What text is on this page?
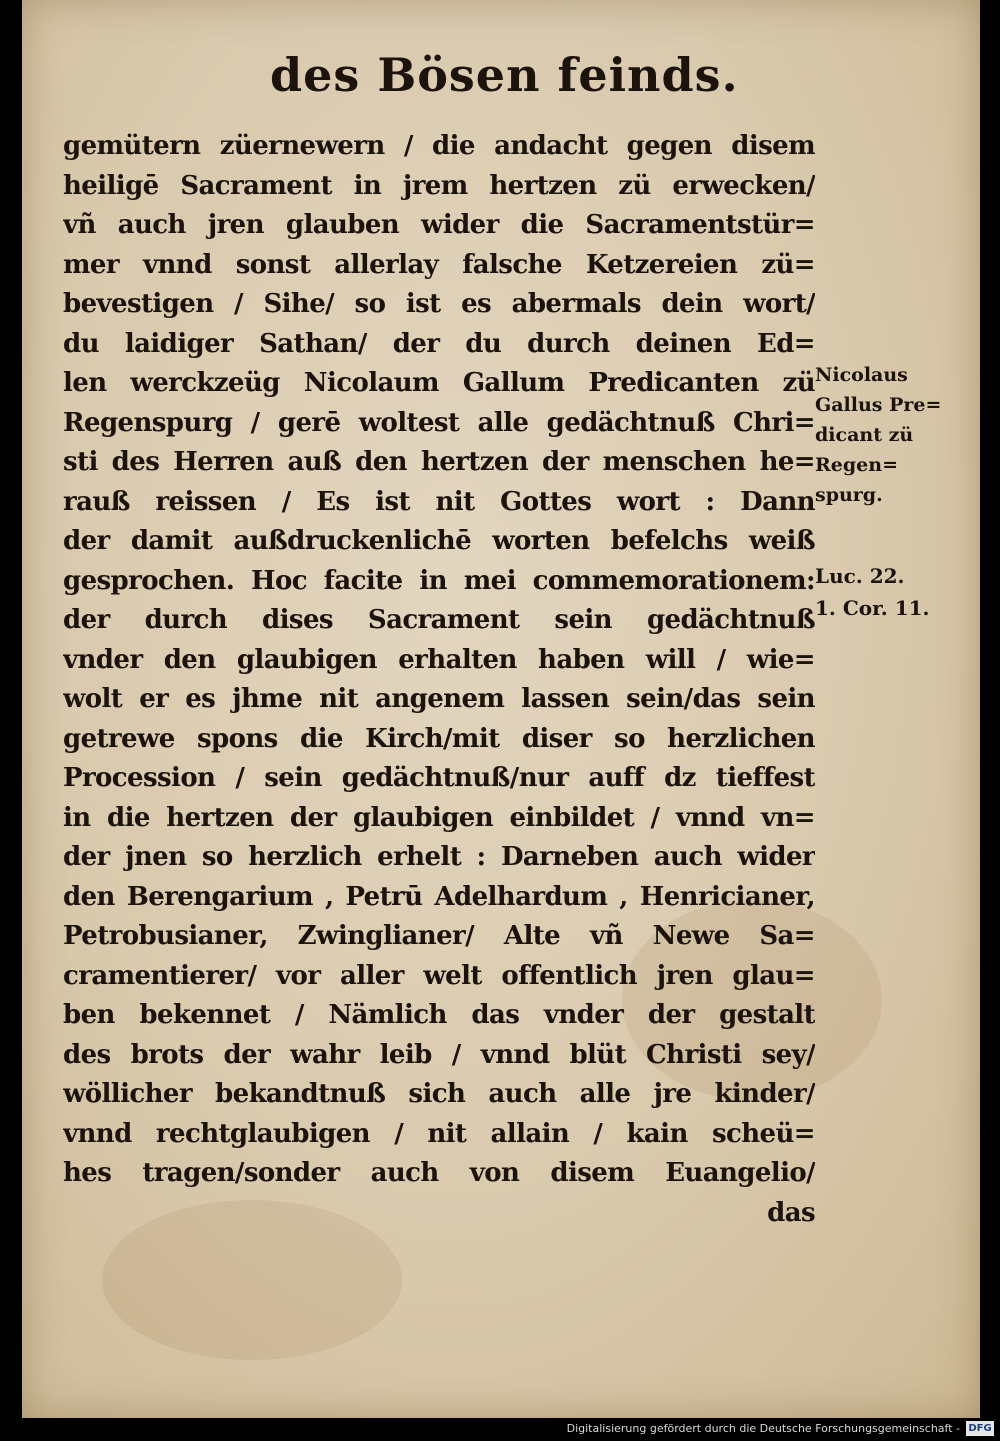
des Bösen feinds.
gemütern züernewern / die andacht gegen disem
heiligē Sacrament in jrem hertzen zü erwecken/
vñ auch jren glauben wider die Sacramentstür=
mer vnnd sonst allerlay falsche Ketzereien zü=
bevestigen / Sihe/ so ist es abermals dein wort/
du laidiger Sathan/ der du durch deinen Ed=
len werckzeüg Nicolaum Gallum Predicanten zü
Regenspurg / gerē woltest alle gedächtnuß Chri=
sti des Herren auß den hertzen der menschen he=
rauß reissen / Es ist nit Gottes wort : Dann
der damit außdruckenlichē worten befelchs weiß
gesprochen. Hoc facite in mei commemorationem:
der durch dises Sacrament sein gedächtnuß
vnder den glaubigen erhalten haben will / wie=
wolt er es jhme nit angenem lassen sein/das sein
getrewe spons die Kirch/mit diser so herzlichen
Procession / sein gedächtnuß/nur auff dz tieffest
in die hertzen der glaubigen einbildet / vnnd vn=
der jnen so herzlich erhelt : Darneben auch wider
den Berengarium , Petrū Adelhardum , Henricianer,
Petrobusianer, Zwinglianer/ Alte vñ Newe Sa=
cramentierer/ vor aller welt offentlich jren glau=
ben bekennet / Nämlich das vnder der gestalt
des brots der wahr leib / vnnd blüt Christi sey/
wöllicher bekandtnuß sich auch alle jre kinder/
vnnd rechtglaubigen / nit allain / kain scheü=
hes tragen/sonder auch von disem Euangelio/
das
Nicolaus
Gallus Pre=
dicant zü
Regen=
spurg.
Luc. 22.
1. Cor. 11.
Digitalisierung gefördert durch die Deutsche Forschungsgemeinschaft - DFG
